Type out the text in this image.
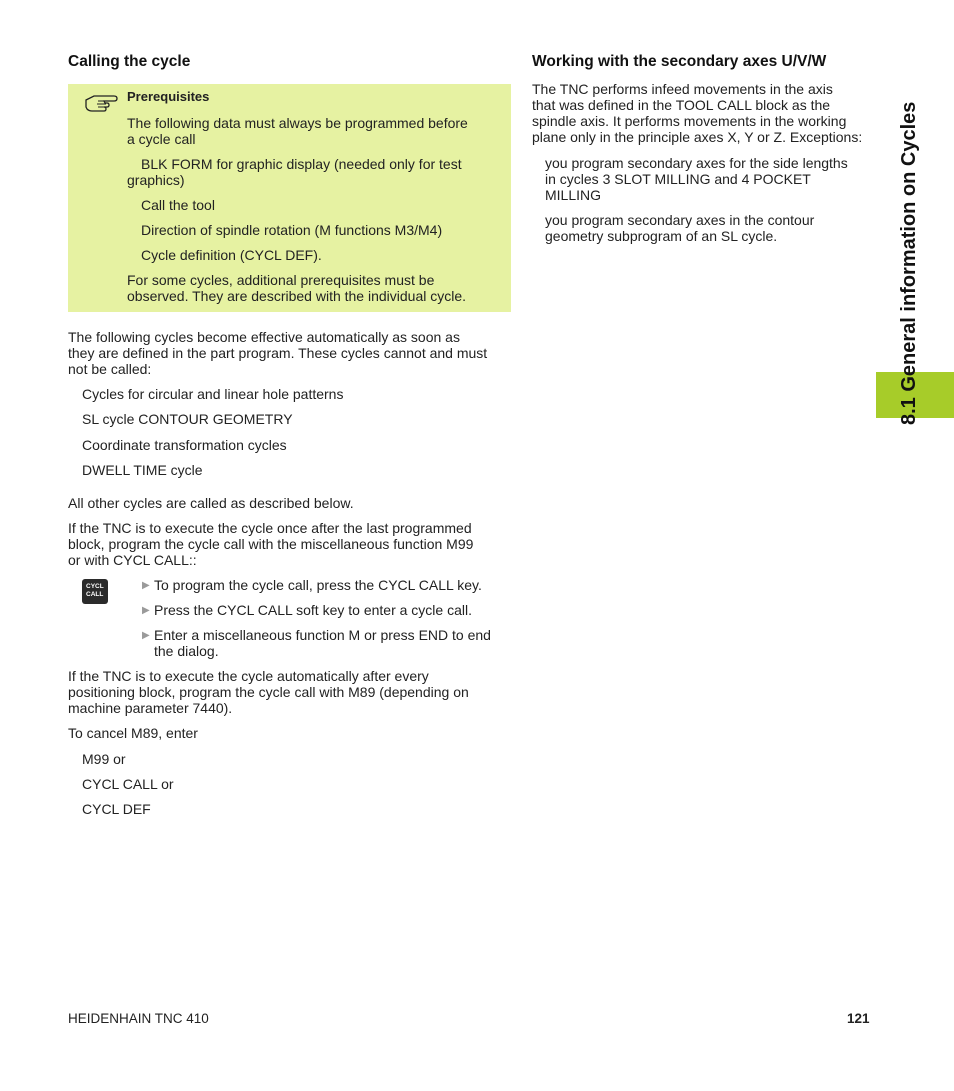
Calling the cycle
Prerequisites
The following data must always be programmed before
a cycle call
BLK FORM for graphic display (needed only for test
graphics)
Call the tool
Direction of spindle rotation (M functions M3/M4)
Cycle definition (CYCL DEF).
For some cycles, additional prerequisites must be
observed. They are described with the individual cycle.
The following cycles become effective automatically as soon as
they are defined in the part program. These cycles cannot and must
not be called:
Cycles for circular and linear hole patterns
SL cycle CONTOUR GEOMETRY
Coordinate transformation cycles
DWELL TIME cycle
All other cycles are called as described below.
If the TNC is to execute the cycle once after the last programmed
block, program the cycle call with the miscellaneous function M99
or with CYCL CALL::
CYCL
CALL
▶ To program the cycle call, press the CYCL CALL key.
▶ Press the CYCL CALL soft key to enter a cycle call.
▶ Enter a miscellaneous function M or press END to end
the dialog.
If the TNC is to execute the cycle automatically after every
positioning block, program the cycle call with M89 (depending on
machine parameter 7440).
To cancel M89, enter
M99 or
CYCL CALL or
CYCL DEF
Working with the secondary axes U/V/W
The TNC performs infeed movements in the axis
that was defined in the TOOL CALL block as the
spindle axis. It performs movements in the working
plane only in the principle axes X, Y or Z. Exceptions:
you program secondary axes for the side lengths
in cycles 3 SLOT MILLING and 4 POCKET
MILLING
you program secondary axes in the contour
geometry subprogram of an SL cycle.	8.1 General information on Cycles
HEIDENHAIN TNC 410	121
